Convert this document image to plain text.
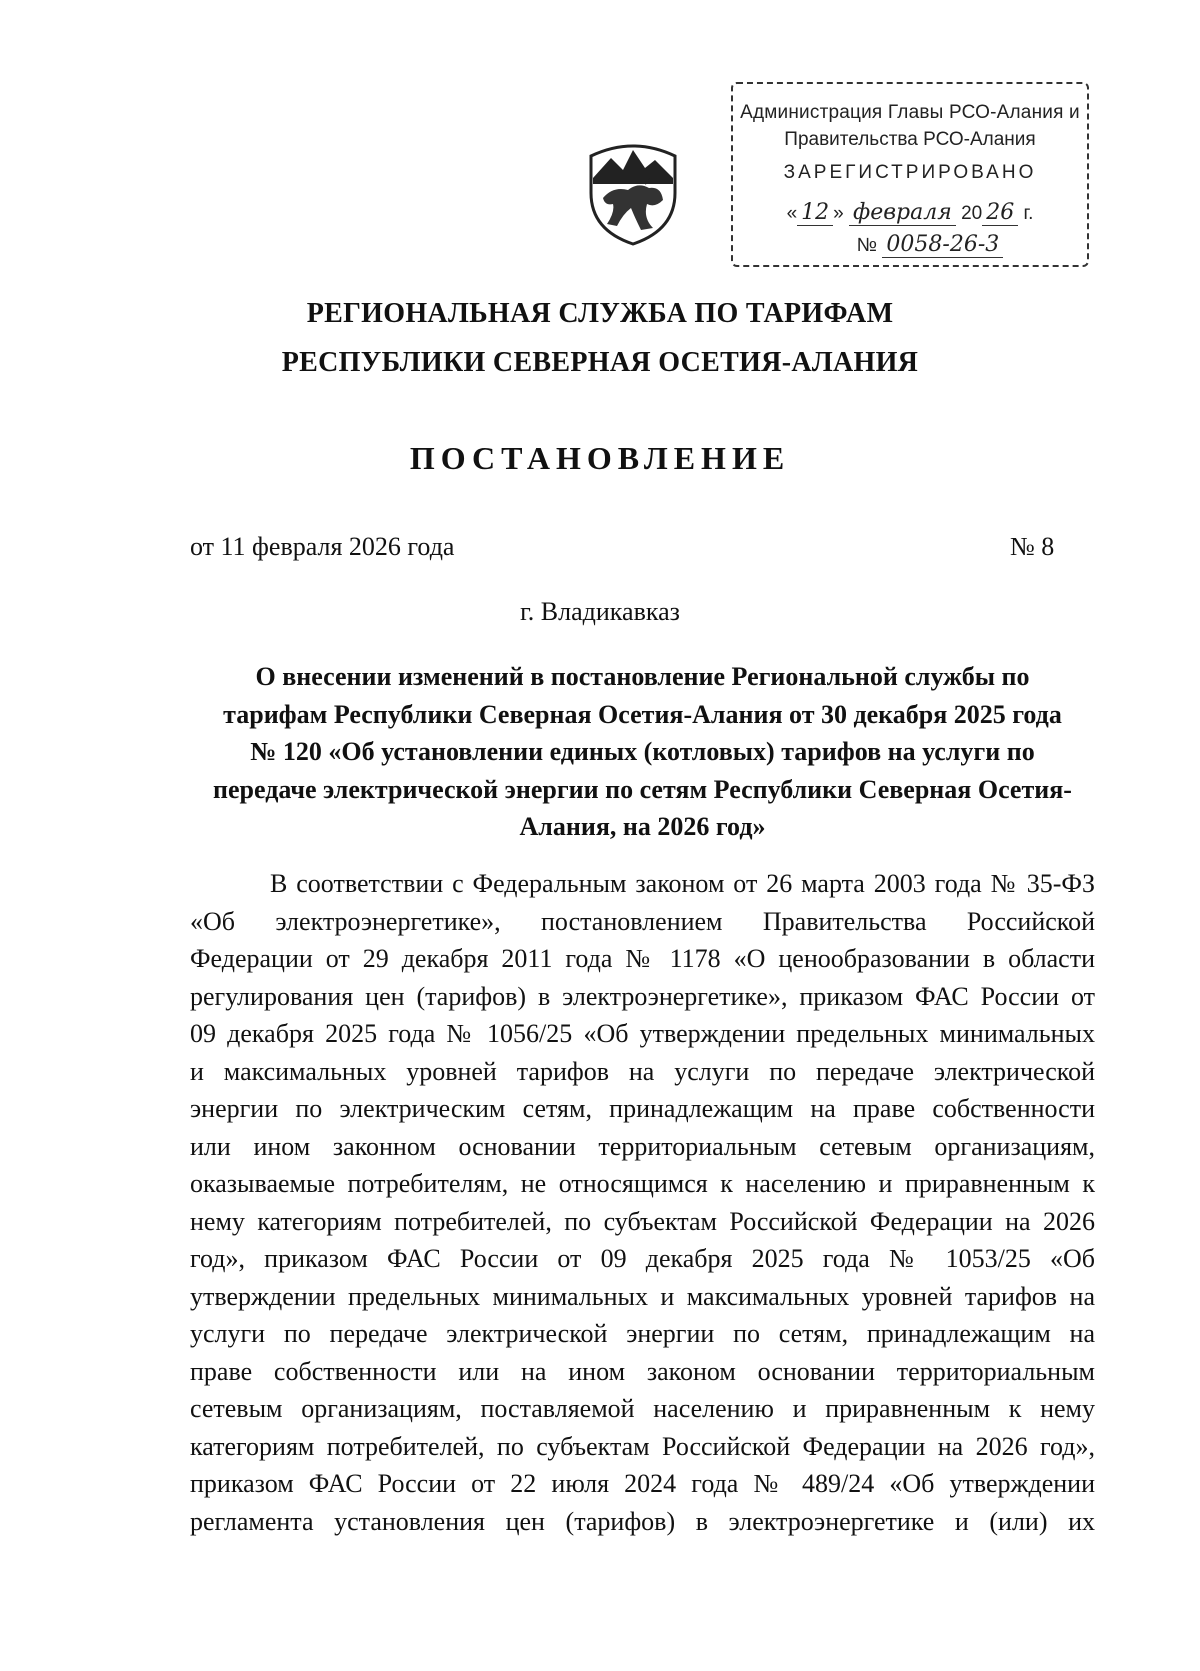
Администрация Главы РСО-Алания и
Правительства РСО-Алания
ЗАРЕГИСТРИРОВАНО
« 12 » февраля 20 26 г.
№ 0058-26-3
РЕГИОНАЛЬНАЯ СЛУЖБА ПО ТАРИФАМ
РЕСПУБЛИКИ СЕВЕРНАЯ ОСЕТИЯ-АЛАНИЯ
ПОСТАНОВЛЕНИЕ
от 11 февраля 2026 года	№ 8
г. Владикавказ
О внесении изменений в постановление Региональной службы по
тарифам Республики Северная Осетия-Алания от 30 декабря 2025 года
№ 120 «Об установлении единых (котловых) тарифов на услуги по
передаче электрической энергии по сетям Республики Северная Осетия-
Алания, на 2026 год»
В соответствии с Федеральным законом от 26 марта 2003 года № 35-ФЗ
«Об электроэнергетике», постановлением Правительства Российской
Федерации от 29 декабря 2011 года № 1178 «О ценообразовании в области
регулирования цен (тарифов) в электроэнергетике», приказом ФАС России от
09 декабря 2025 года № 1056/25 «Об утверждении предельных минимальных
и максимальных уровней тарифов на услуги по передаче электрической
энергии по электрическим сетям, принадлежащим на праве собственности
или ином законном основании территориальным сетевым организациям,
оказываемые потребителям, не относящимся к населению и приравненным к
нему категориям потребителей, по субъектам Российской Федерации на 2026
год», приказом ФАС России от 09 декабря 2025 года № 1053/25 «Об
утверждении предельных минимальных и максимальных уровней тарифов на
услуги по передаче электрической энергии по сетям, принадлежащим на
праве собственности или на ином законом основании территориальным
сетевым организациям, поставляемой населению и приравненным к нему
категориям потребителей, по субъектам Российской Федерации на 2026 год»,
приказом ФАС России от 22 июля 2024 года № 489/24 «Об утверждении
регламента установления цен (тарифов) в электроэнергетике и (или) их
